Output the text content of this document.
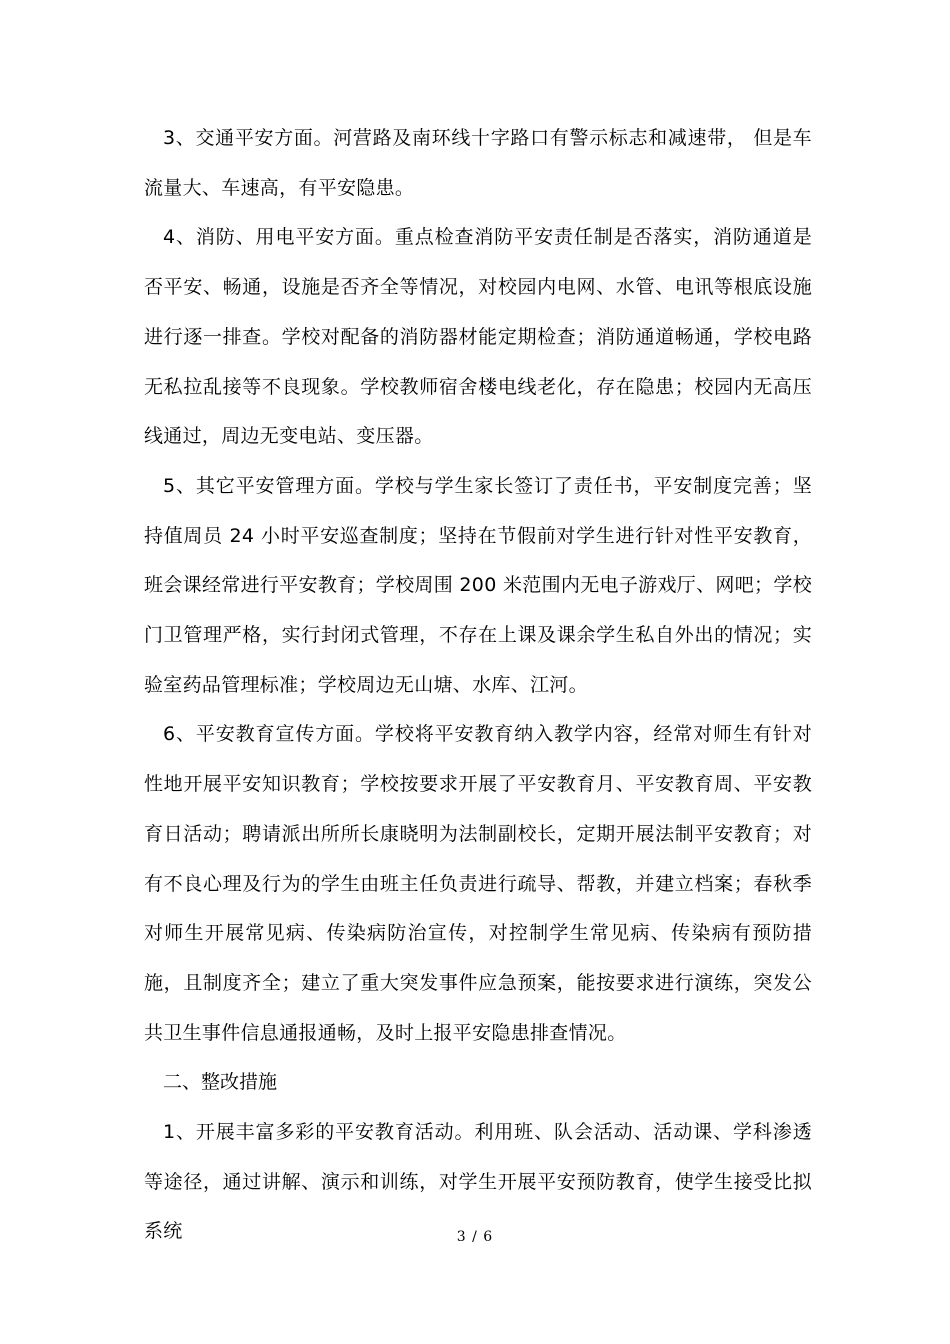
3、交通平安方面。河营路及南环线十字路口有警示标志和减速带， 但是车流量大、车速高，有平安隐患。

4、消防、用电平安方面。重点检查消防平安责任制是否落实，消防通道是否平安、畅通，设施是否齐全等情况，对校园内电网、水管、电讯等根底设施进行逐一排查。学校对配备的消防器材能定期检查；消防通道畅通，学校电路无私拉乱接等不良现象。学校教师宿舍楼电线老化，存在隐患；校园内无高压线通过，周边无变电站、变压器。

5、其它平安管理方面。学校与学生家长签订了责任书，平安制度完善；坚持值周员 24 小时平安巡查制度；坚持在节假前对学生进行针对性平安教育，班会课经常进行平安教育；学校周围 200 米范围内无电子游戏厅、网吧；学校门卫管理严格，实行封闭式管理，不存在上课及课余学生私自外出的情况；实验室药品管理标准；学校周边无山塘、水库、江河。

6、平安教育宣传方面。学校将平安教育纳入教学内容，经常对师生有针对性地开展平安知识教育；学校按要求开展了平安教育月、平安教育周、平安教育日活动；聘请派出所所长康晓明为法制副校长，定期开展法制平安教育；对有不良心理及行为的学生由班主任负责进行疏导、帮教，并建立档案；春秋季对师生开展常见病、传染病防治宣传，对控制学生常见病、传染病有预防措施，且制度齐全；建立了重大突发事件应急预案，能按要求进行演练，突发公共卫生事件信息通报通畅，及时上报平安隐患排查情况。

二、整改措施

1、开展丰富多彩的平安教育活动。利用班、队会活动、活动课、学科渗透等途径，通过讲解、演示和训练，对学生开展平安预防教育，使学生接受比拟系统	3 / 6
